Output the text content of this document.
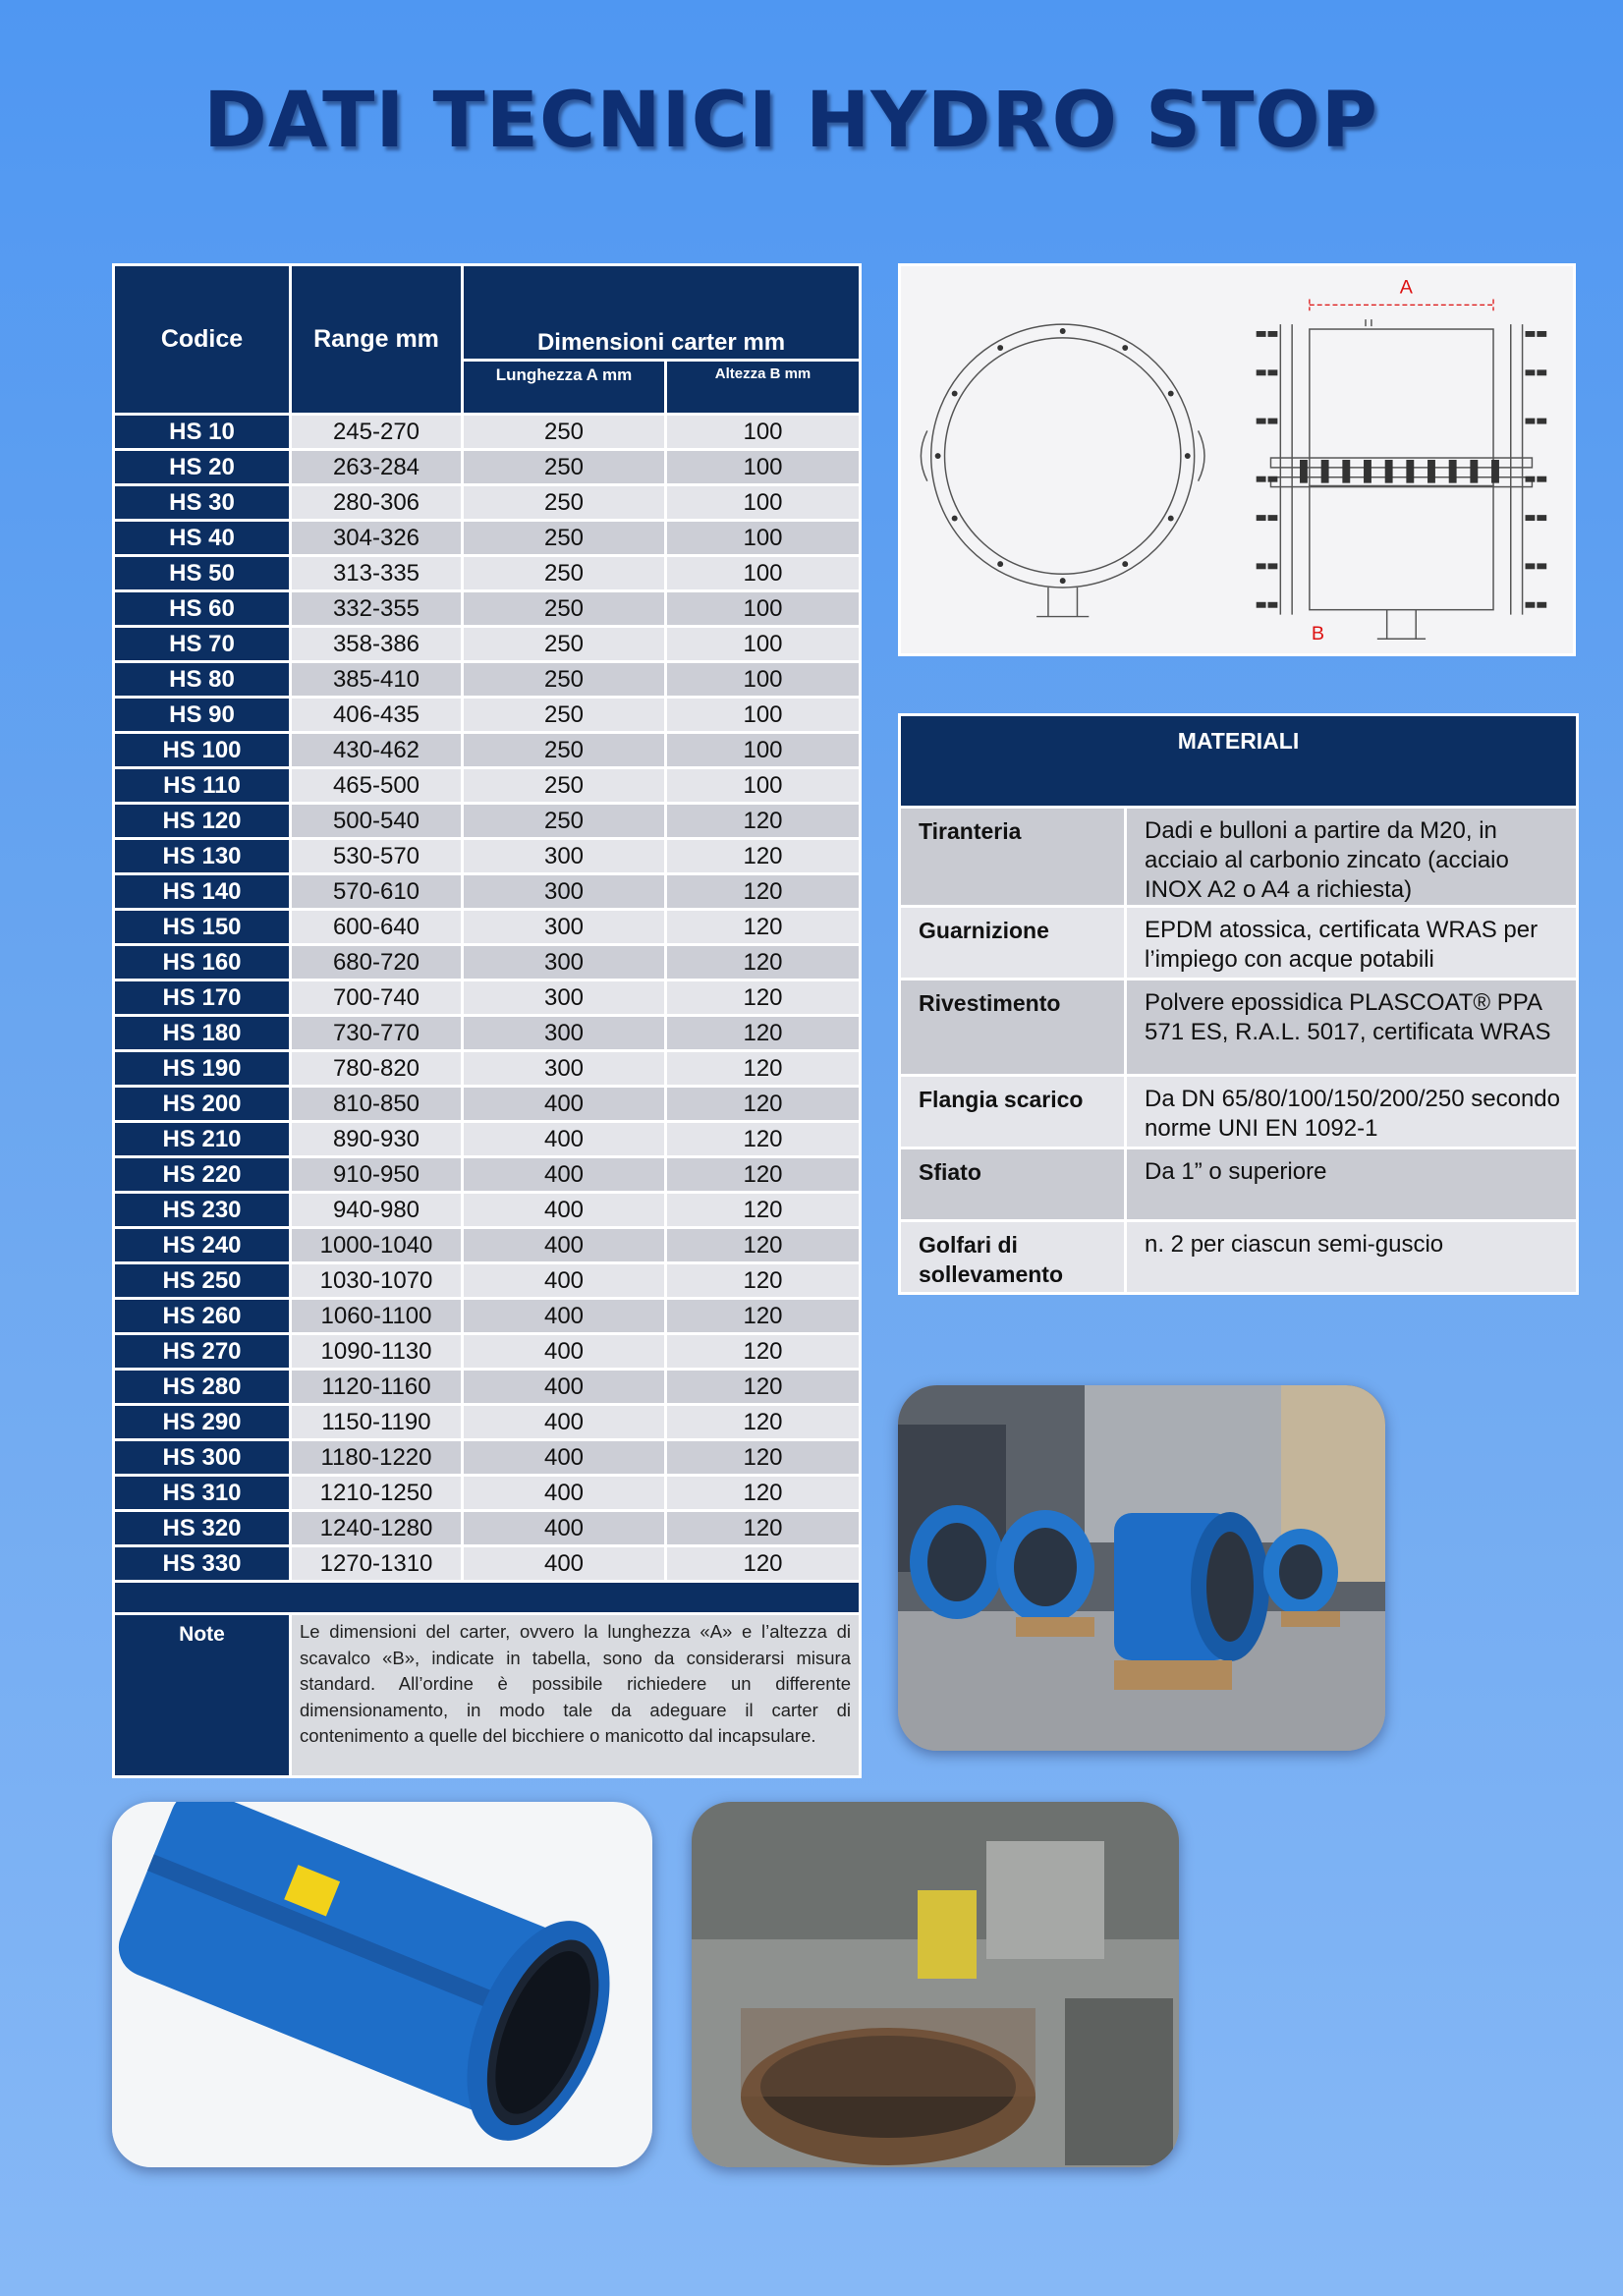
DATI TECNICI HYDRO STOP
Codice	Range mm	Dimensioni carter mm	
		Lunghezza A mm	Altezza B mm
HS 10	245-270	250	100
HS 20	263-284	250	100
HS 30	280-306	250	100
HS 40	304-326	250	100
HS 50	313-335	250	100
HS 60	332-355	250	100
HS 70	358-386	250	100
HS 80	385-410	250	100
HS 90	406-435	250	100
HS 100	430-462	250	100
HS 110	465-500	250	100
HS 120	500-540	250	120
HS 130	530-570	300	120
HS 140	570-610	300	120
HS 150	600-640	300	120
HS 160	680-720	300	120
HS 170	700-740	300	120
HS 180	730-770	300	120
HS 190	780-820	300	120
HS 200	810-850	400	120
HS 210	890-930	400	120
HS 220	910-950	400	120
HS 230	940-980	400	120
HS 240	1000-1040	400	120
HS 250	1030-1070	400	120
HS 260	1060-1100	400	120
HS 270	1090-1130	400	120
HS 280	1120-1160	400	120
HS 290	1150-1190	400	120
HS 300	1180-1220	400	120
HS 310	1210-1250	400	120
HS 320	1240-1280	400	120
HS 330	1270-1310	400	120

Note	Le dimensioni del carter, ovvero la lunghezza «A» e l’altezza di scavalco «B», indicate in tabella, sono da considerarsi misura standard. All’ordine è possibile richiedere un differente dimensionamento, in modo tale da adeguare il carter di contenimento a quelle del bicchiere o manicotto dal incapsulare.		
A
B
MATERIALI	
Tiranteria	Dadi e bulloni a partire da M20, in acciaio al carbonio zincato (acciaio INOX A2 o A4 a richiesta)
Guarnizione	EPDM atossica, certificata WRAS per l’impiego con acque potabili
Rivestimento	Polvere epossidica PLASCOAT® PPA 571 ES, R.A.L. 5017, certificata WRAS
Flangia scarico	Da DN 65/80/100/150/200/250 secondo norme UNI EN 1092-1
Sfiato	Da 1” o superiore
Golfari di sollevamento	n. 2 per ciascun semi-guscio
